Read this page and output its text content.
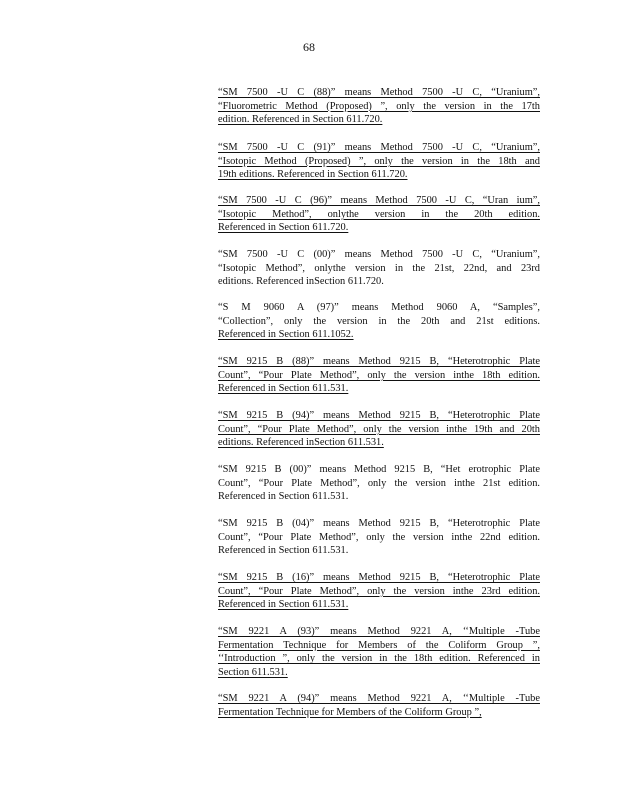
68
“SM 7500 -U C (88)” means Method 7500 -U C, “Uranium”,
“Fluorometric Method (Proposed) ”, only the version in the 17th
edition. Referenced in Section 611.720.
“SM 7500 -U C (91)” means Method 7500 -U C, “Uranium”,
“Isotopic Method (Proposed) ”, only the version in the 18th and
19th editions. Referenced in Section 611.720.
“SM 7500 -U C (96)” means Method 7500 -U C, “Uran ium”,
“Isotopic Method”, onlythe version in the 20th edition.
Referenced in Section 611.720.
“SM 7500 -U C (00)” means Method 7500 -U C, “Uranium”,
“Isotopic Method”, onlythe version in the 21st, 22nd, and 23rd
editions. Referenced inSection 611.720.
“S M 9060 A (97)” means Method 9060 A, “Samples”,
“Collection”, only the version in the 20th and 21st editions.
Referenced in Section 611.1052.
“SM 9215 B (88)” means Method 9215 B, “Heterotrophic Plate
Count”, “Pour Plate Method”, only the version inthe 18th edition.
Referenced in Section 611.531.
“SM 9215 B (94)” means Method 9215 B, “Heterotrophic Plate
Count”, “Pour Plate Method”, only the version inthe 19th and 20th
editions. Referenced inSection 611.531.
“SM 9215 B (00)” means Method 9215 B, “Het erotrophic Plate
Count”, “Pour Plate Method”, only the version inthe 21st edition.
Referenced in Section 611.531.
“SM 9215 B (04)” means Method 9215 B, “Heterotrophic Plate
Count”, “Pour Plate Method”, only the version inthe 22nd edition.
Referenced in Section 611.531.
“SM 9215 B (16)” means Method 9215 B, “Heterotrophic Plate
Count”, “Pour Plate Method”, only the version inthe 23rd edition.
Referenced in Section 611.531.
“SM 9221 A (93)” means Method 9221 A, ‘‘Multiple -Tube
Fermentation Technique for Members of the Coliform Group ”,
‘‘Introduction ”, only the version in the 18th edition. Referenced in
Section 611.531.
“SM 9221 A (94)” means Method 9221 A, ‘‘Multiple -Tube
Fermentation Technique for Members of the Coliform Group ”,
